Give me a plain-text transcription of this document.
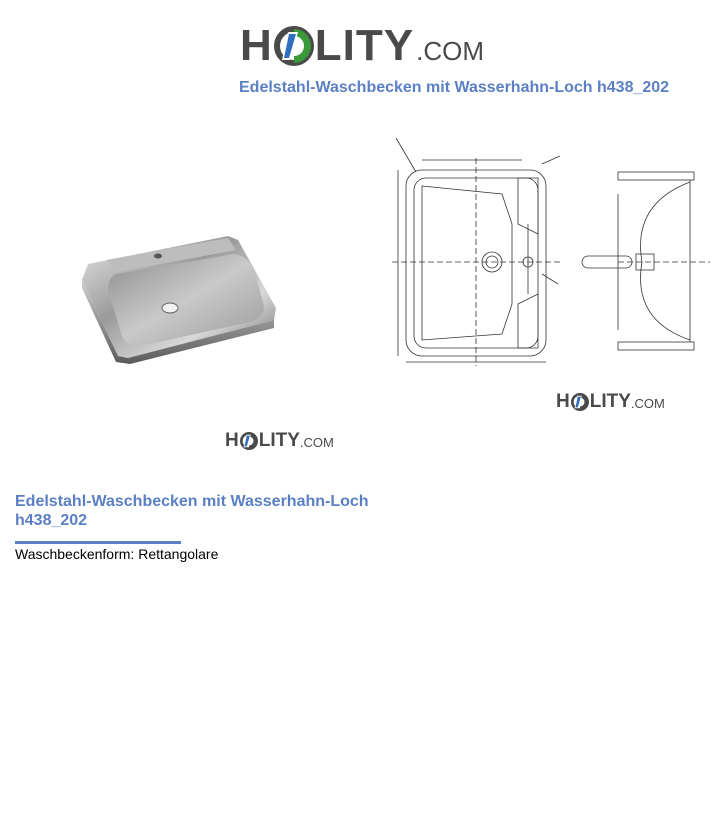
H LITY .COM
Edelstahl-Waschbecken mit Wasserhahn-Loch h438_202
H LITY .COM
H LITY .COM
Edelstahl-Waschbecken mit Wasserhahn-Loch h438_202
Waschbeckenform: Rettangolare
